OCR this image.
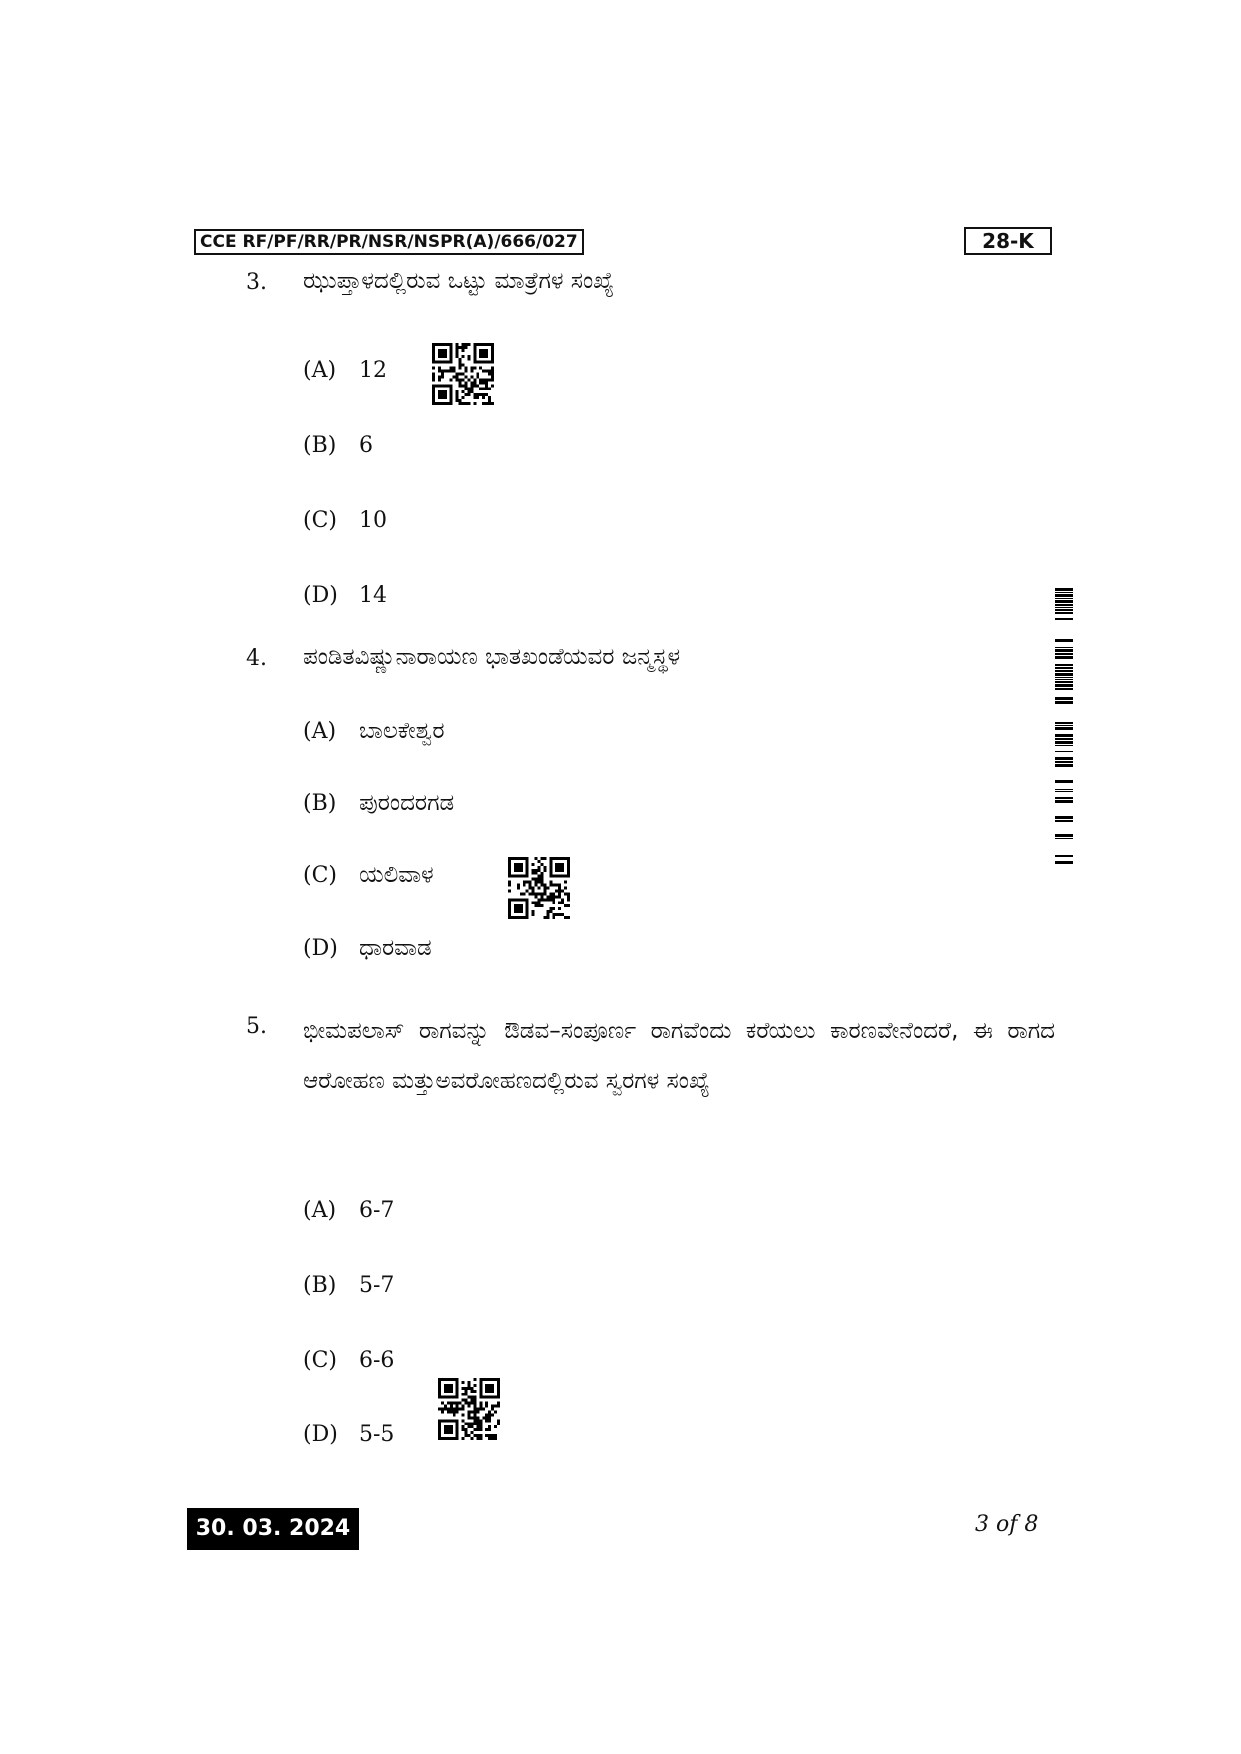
CCE RF/PF/RR/PR/NSR/NSPR(A)/666/027	28-K
3. ಝುಪ್ತಾಳದಲ್ಲಿರುವ ಒಟ್ಟು ಮಾತ್ರೆಗಳ ಸಂಖ್ಯೆ
(A) 12
(B) 6
(C) 10
(D) 14
4. ಪಂಡಿತವಿಷ್ಣುನಾರಾಯಣ ಭಾತಖಂಡೆಯವರ ಜನ್ಮಸ್ಥಳ
(A) ಬಾಲಕೇಶ್ವರ
(B) ಪುರಂದರಗಡ
(C) ಯಲಿವಾಳ
(D) ಧಾರವಾಡ
5. ಭೀಮಪಲಾಸ್ ರಾಗವನ್ನು ಔಡವ–ಸಂಪೂರ್ಣ ರಾಗವೆಂದು ಕರೆಯಲು ಕಾರಣವೇನೆಂದರೆ, ಈ ರಾಗದ ಆರೋಹಣ ಮತ್ತುಅವರೋಹಣದಲ್ಲಿರುವ ಸ್ವರಗಳ ಸಂಖ್ಯೆ
(A) 6-7
(B) 5-7
(C) 6-6
(D) 5-5
30. 03. 2024	3 of 8
